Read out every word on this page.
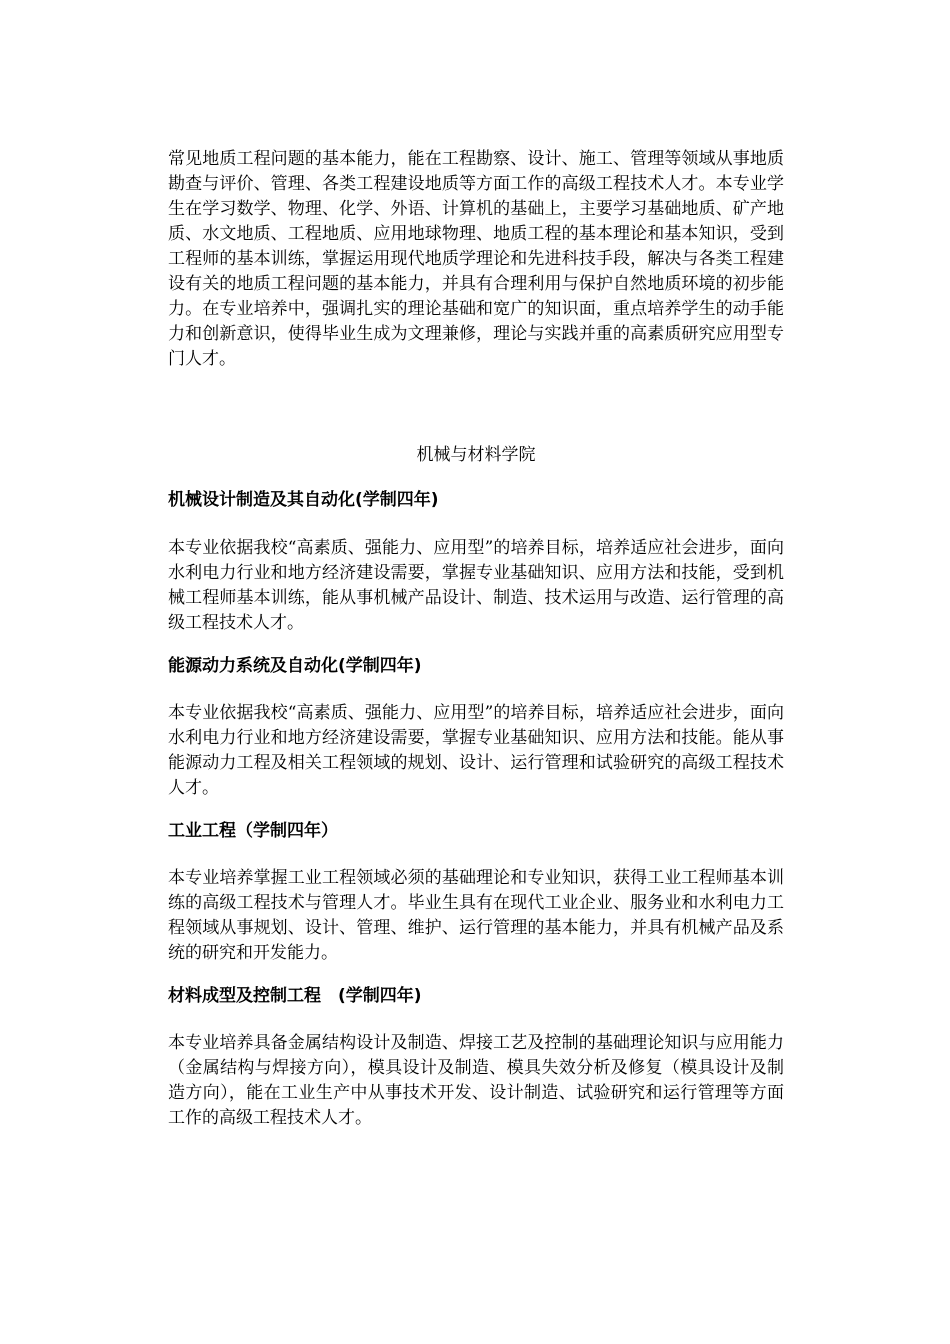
常见地质工程问题的基本能力，能在工程勘察、设计、施工、管理等领域从事地质勘查与评价、管理、各类工程建设地质等方面工作的高级工程技术人才。本专业学生在学习数学、物理、化学、外语、计算机的基础上，主要学习基础地质、矿产地质、水文地质、工程地质、应用地球物理、地质工程的基本理论和基本知识，受到工程师的基本训练，掌握运用现代地质学理论和先进科技手段，解决与各类工程建设有关的地质工程问题的基本能力，并具有合理利用与保护自然地质环境的初步能力。在专业培养中，强调扎实的理论基础和宽广的知识面，重点培养学生的动手能力和创新意识，使得毕业生成为文理兼修，理论与实践并重的高素质研究应用型专门人才。

机械与材料学院

机械设计制造及其自动化(学制四年)

本专业依据我校“高素质、强能力、应用型”的培养目标，培养适应社会进步，面向水利电力行业和地方经济建设需要，掌握专业基础知识、应用方法和技能，受到机械工程师基本训练，能从事机械产品设计、制造、技术运用与改造、运行管理的高级工程技术人才。

能源动力系统及自动化(学制四年)

本专业依据我校“高素质、强能力、应用型”的培养目标，培养适应社会进步，面向水利电力行业和地方经济建设需要，掌握专业基础知识、应用方法和技能。能从事能源动力工程及相关工程领域的规划、设计、运行管理和试验研究的高级工程技术人才。

工业工程（学制四年）

本专业培养掌握工业工程领域必须的基础理论和专业知识，获得工业工程师基本训练的高级工程技术与管理人才。毕业生具有在现代工业企业、服务业和水利电力工程领域从事规划、设计、管理、维护、运行管理的基本能力，并具有机械产品及系统的研究和开发能力。

材料成型及控制工程　(学制四年)

本专业培养具备金属结构设计及制造、焊接工艺及控制的基础理论知识与应用能力（金属结构与焊接方向），模具设计及制造、模具失效分析及修复（模具设计及制造方向），能在工业生产中从事技术开发、设计制造、试验研究和运行管理等方面工作的高级工程技术人才。
